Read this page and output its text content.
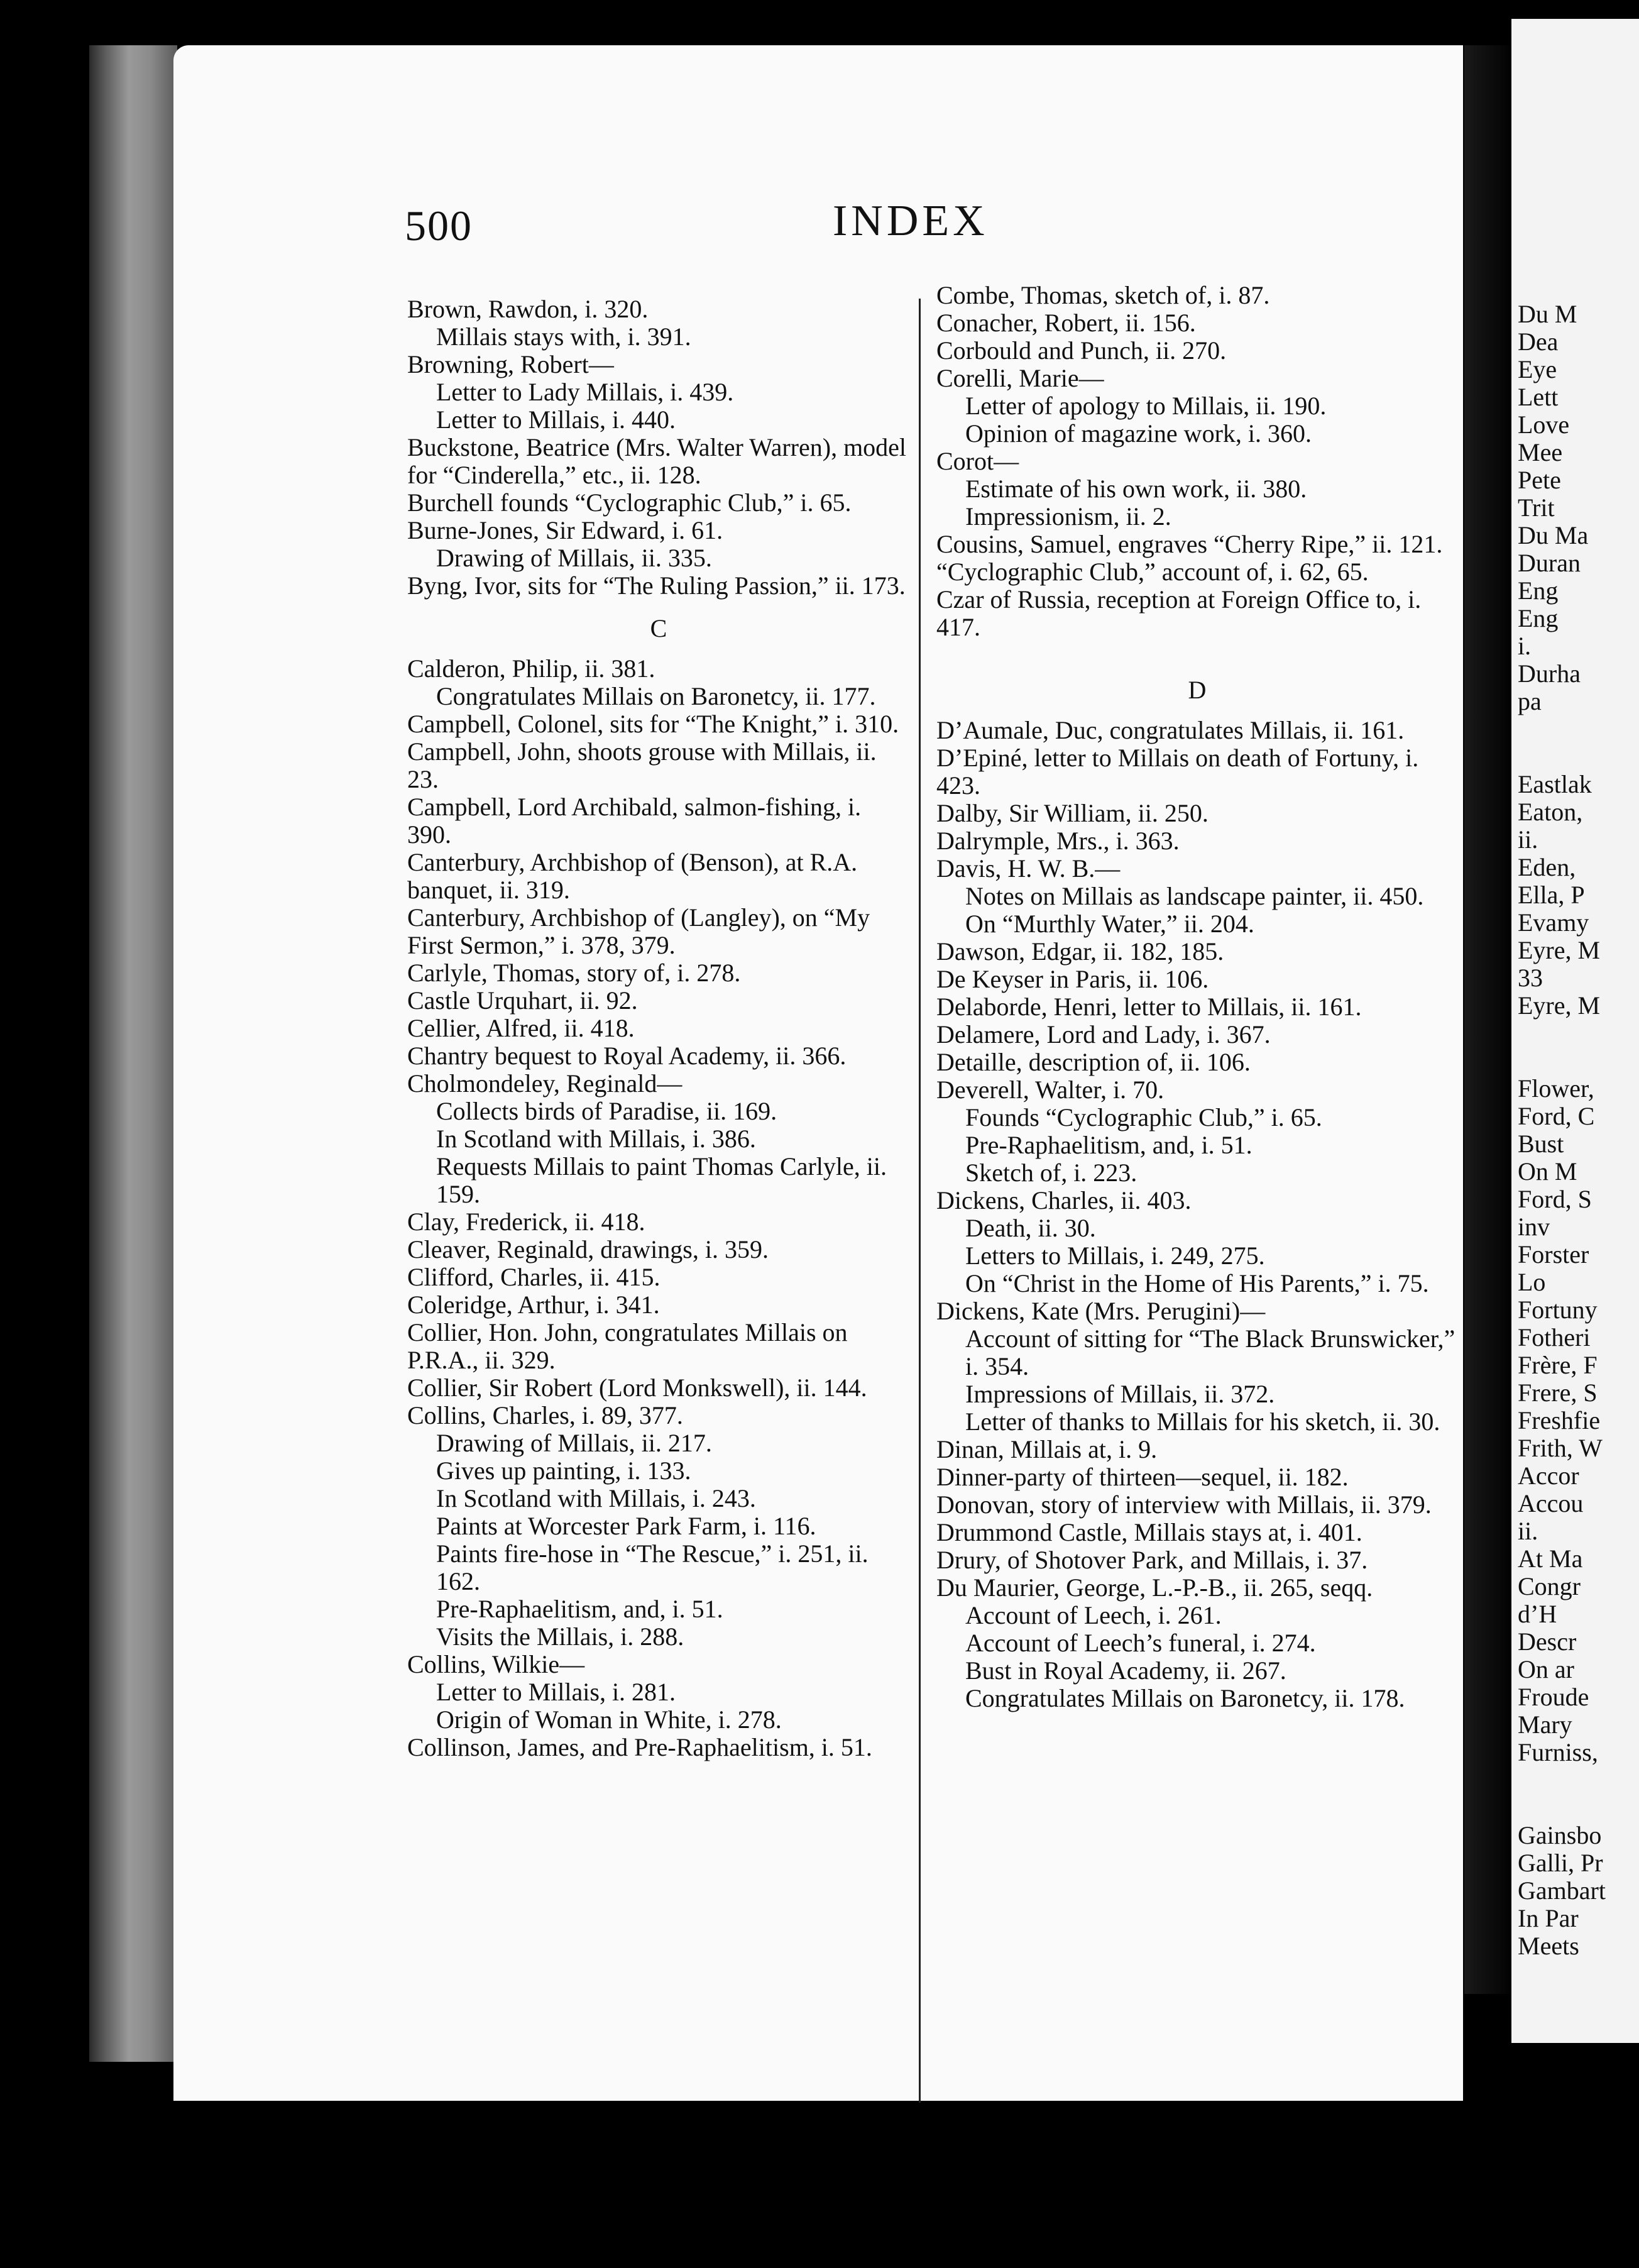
Du M
Dea
Eye
Lett
Love
Mee
Pete
Trit
Du Ma
Duran
Eng
Eng
i.
Durha
pa
Eastlak
Eaton,
ii.
Eden,
Ella, P
Evamy
Eyre, M
33
Eyre, M
Flower,
Ford, C
Bust
On M
Ford, S
inv
Forster
Lo
Fortuny
Fotheri
Frère, F
Frere, S
Freshfie
Frith, W
Accor
Accou
ii.
At Ma
Congr
d’H
Descr
On ar
Froude
Mary
Furniss,
Gainsbo
Galli, Pr
Gambart
In Par
Meets
500	INDEX
Brown, Rawdon, i. 320.
Millais stays with, i. 391.
Browning, Robert—
Letter to Lady Millais, i. 439.
Letter to Millais, i. 440.
Buckstone, Beatrice (Mrs. Walter Warren), model for “Cinderella,” etc., ii. 128.
Burchell founds “Cyclographic Club,” i. 65.
Burne-Jones, Sir Edward, i. 61.
Drawing of Millais, ii. 335.
Byng, Ivor, sits for “The Ruling Passion,” ii. 173.
C
Calderon, Philip, ii. 381.
Congratulates Millais on Baronetcy, ii. 177.
Campbell, Colonel, sits for “The Knight,” i. 310.
Campbell, John, shoots grouse with Millais, ii. 23.
Campbell, Lord Archibald, salmon-fishing, i. 390.
Canterbury, Archbishop of (Benson), at R.A. banquet, ii. 319.
Canterbury, Archbishop of (Langley), on “My First Sermon,” i. 378, 379.
Carlyle, Thomas, story of, i. 278.
Castle Urquhart, ii. 92.
Cellier, Alfred, ii. 418.
Chantry bequest to Royal Academy, ii. 366.
Cholmondeley, Reginald—
Collects birds of Paradise, ii. 169.
In Scotland with Millais, i. 386.
Requests Millais to paint Thomas Carlyle, ii. 159.
Clay, Frederick, ii. 418.
Cleaver, Reginald, drawings, i. 359.
Clifford, Charles, ii. 415.
Coleridge, Arthur, i. 341.
Collier, Hon. John, congratulates Millais on P.R.A., ii. 329.
Collier, Sir Robert (Lord Monkswell), ii. 144.
Collins, Charles, i. 89, 377.
Drawing of Millais, ii. 217.
Gives up painting, i. 133.
In Scotland with Millais, i. 243.
Paints at Worcester Park Farm, i. 116.
Paints fire-hose in “The Rescue,” i. 251, ii. 162.
Pre-Raphaelitism, and, i. 51.
Visits the Millais, i. 288.
Collins, Wilkie—
Letter to Millais, i. 281.
Origin of Woman in White, i. 278.
Collinson, James, and Pre-Raphaelitism, i. 51.
Combe, Thomas, sketch of, i. 87.
Conacher, Robert, ii. 156.
Corbould and Punch, ii. 270.
Corelli, Marie—
Letter of apology to Millais, ii. 190.
Opinion of magazine work, i. 360.
Corot—
Estimate of his own work, ii. 380.
Impressionism, ii. 2.
Cousins, Samuel, engraves “Cherry Ripe,” ii. 121.
“Cyclographic Club,” account of, i. 62, 65.
Czar of Russia, reception at Foreign Office to, i. 417.
D
D’Aumale, Duc, congratulates Millais, ii. 161.
D’Epiné, letter to Millais on death of Fortuny, i. 423.
Dalby, Sir William, ii. 250.
Dalrymple, Mrs., i. 363.
Davis, H. W. B.—
Notes on Millais as landscape painter, ii. 450.
On “Murthly Water,” ii. 204.
Dawson, Edgar, ii. 182, 185.
De Keyser in Paris, ii. 106.
Delaborde, Henri, letter to Millais, ii. 161.
Delamere, Lord and Lady, i. 367.
Detaille, description of, ii. 106.
Deverell, Walter, i. 70.
Founds “Cyclographic Club,” i. 65.
Pre-Raphaelitism, and, i. 51.
Sketch of, i. 223.
Dickens, Charles, ii. 403.
Death, ii. 30.
Letters to Millais, i. 249, 275.
On “Christ in the Home of His Parents,” i. 75.
Dickens, Kate (Mrs. Perugini)—
Account of sitting for “The Black Brunswicker,” i. 354.
Impressions of Millais, ii. 372.
Letter of thanks to Millais for his sketch, ii. 30.
Dinan, Millais at, i. 9.
Dinner-party of thirteen—sequel, ii. 182.
Donovan, story of interview with Millais, ii. 379.
Drummond Castle, Millais stays at, i. 401.
Drury, of Shotover Park, and Millais, i. 37.
Du Maurier, George, L.-P.-B., ii. 265, seqq.
Account of Leech, i. 261.
Account of Leech’s funeral, i. 274.
Bust in Royal Academy, ii. 267.
Congratulates Millais on Baronetcy, ii. 178.
